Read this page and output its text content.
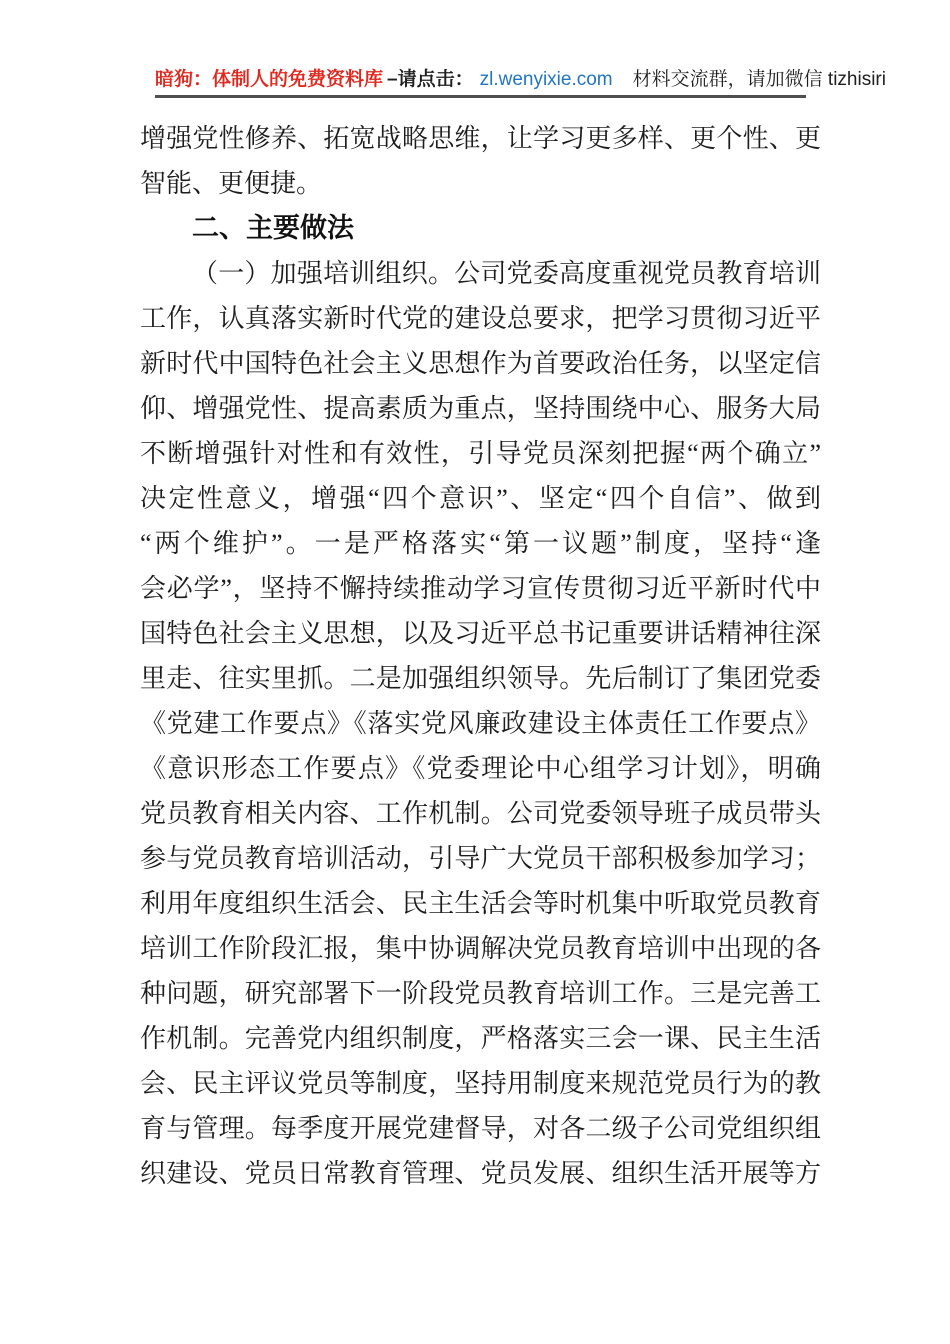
暗狗：体制人的免费资料库 –请点击： zl.wenyixie.com 材料交流群，请加微信 tizhisiri
增强党性修养、拓宽战略思维，让学习更多样、更个性、更
智能、更便捷。
二、主要做法
（一）加强培训组织。公司党委高度重视党员教育培训
工作，认真落实新时代党的建设总要求，把学习贯彻习近平
新时代中国特色社会主义思想作为首要政治任务，以坚定信
仰、增强党性、提高素质为重点，坚持围绕中心、服务大局
不断增强针对性和有效性，引导党员深刻把握“两个确立”
决定性意义，增强“四个意识”、坚定“四个自信”、做到
“两个维护”。一是严格落实“第一议题”制度，坚持“逢
会必学”，坚持不懈持续推动学习宣传贯彻习近平新时代中
国特色社会主义思想，以及习近平总书记重要讲话精神往深
里走、往实里抓。二是加强组织领导。先后制订了集团党委
《党建工作要点》《落实党风廉政建设主体责任工作要点》
《意识形态工作要点》《党委理论中心组学习计划》，明确
党员教育相关内容、工作机制。公司党委领导班子成员带头
参与党员教育培训活动，引导广大党员干部积极参加学习；
利用年度组织生活会、民主生活会等时机集中听取党员教育
培训工作阶段汇报，集中协调解决党员教育培训中出现的各
种问题，研究部署下一阶段党员教育培训工作。三是完善工
作机制。完善党内组织制度，严格落实三会一课、民主生活
会、民主评议党员等制度，坚持用制度来规范党员行为的教
育与管理。每季度开展党建督导，对各二级子公司党组织组
织建设、党员日常教育管理、党员发展、组织生活开展等方
